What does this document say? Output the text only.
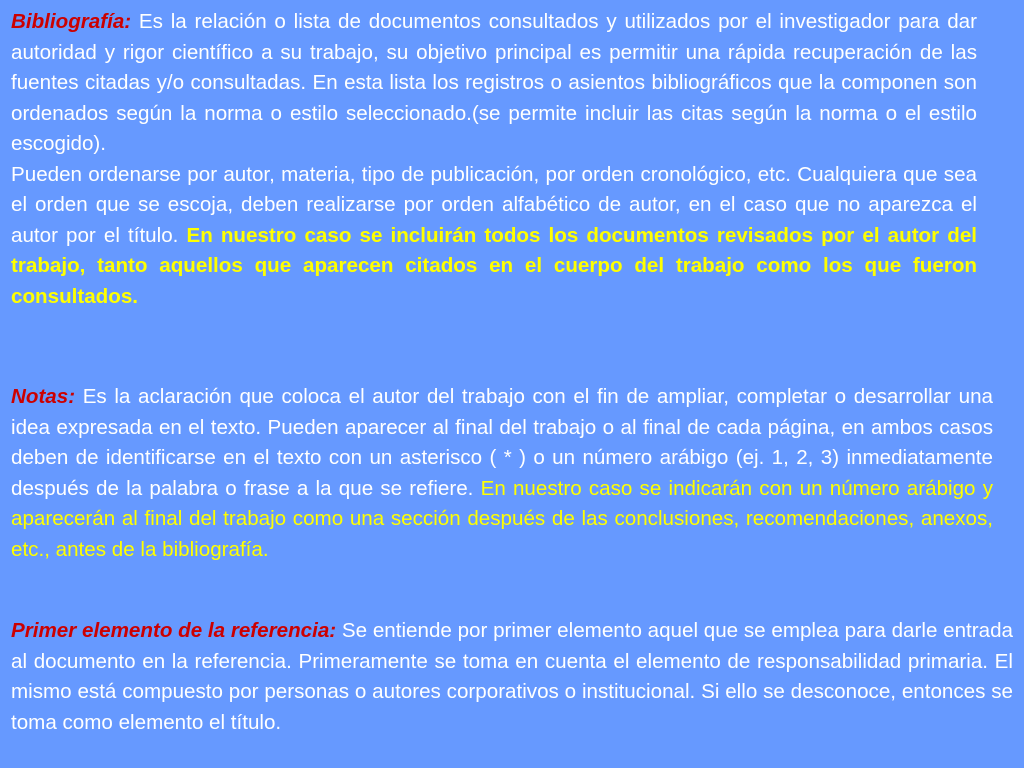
Bibliografía: Es la relación o lista de documentos consultados y utilizados por el investigador para dar autoridad y rigor científico a su trabajo, su objetivo principal es permitir una rápida recuperación de las fuentes citadas y/o consultadas. En esta lista los registros o asientos bibliográficos que la componen son ordenados según la norma o estilo seleccionado.(se permite incluir las citas según la norma o el estilo escogido).
Pueden ordenarse por autor, materia, tipo de publicación, por orden cronológico, etc. Cualquiera que sea el orden que se escoja, deben realizarse por orden alfabético de autor, en el caso que no aparezca el autor por el título. En nuestro caso se incluirán todos los documentos revisados por el autor del trabajo, tanto aquellos que aparecen citados en el cuerpo del trabajo como los que fueron consultados.

Notas: Es la aclaración que coloca el autor del trabajo con el fin de ampliar, completar o desarrollar una idea expresada en el texto. Pueden aparecer al final del trabajo o al final de cada página, en ambos casos deben de identificarse en el texto con un asterisco ( * ) o un número arábigo (ej. 1, 2, 3) inmediatamente después de la palabra o frase a la que se refiere. En nuestro caso se indicarán con un número arábigo y aparecerán al final del trabajo como una sección después de las conclusiones, recomendaciones, anexos, etc., antes de la bibliografía.

Primer elemento de la referencia: Se entiende por primer elemento aquel que se emplea para darle entrada al documento en la referencia. Primeramente se toma en cuenta el elemento de responsabilidad primaria. El mismo está compuesto por personas o autores corporativos o institucional. Si ello se desconoce, entonces se toma como elemento el título.
